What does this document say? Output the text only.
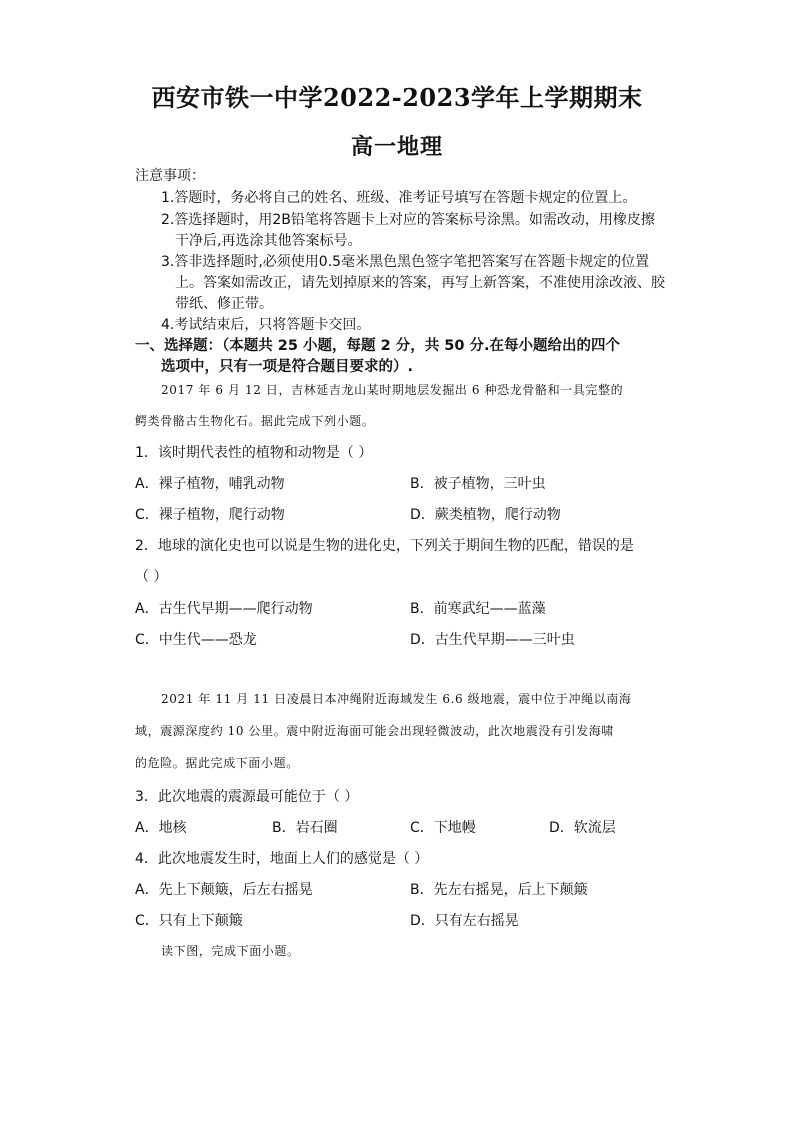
西安市铁一中学2022-2023学年上学期期末
高一地理
注意事项：
1.答题时，务必将自己的姓名、班级、准考证号填写在答题卡规定的位置上。
2.答选择题时，用2B铅笔将答题卡上对应的答案标号涂黑。如需改动，用橡皮擦
干净后,再选涂其他答案标号。
3.答非选择题时,必须使用0.5毫米黑色黑色签字笔把答案写在答题卡规定的位置
上。答案如需改正，请先划掉原来的答案，再写上新答案，不准使用涂改液、胶
带纸、修正带。
4.考试结束后，只将答题卡交回。
一、选择题：（本题共 25 小题，每题 2 分，共 50 分.在每小题给出的四个
选项中，只有一项是符合题目要求的）.
2017 年 6 月 12 日，吉林延吉龙山某时期地层发掘出 6 种恐龙骨骼和一具完整的
鳄类骨骼古生物化石。据此完成下列小题。
1．该时期代表性的植物和动物是（ ）
A．裸子植物，哺乳动物	B．被子植物，三叶虫
C．裸子植物，爬行动物	D．蕨类植物，爬行动物
2．地球的演化史也可以说是生物的进化史，下列关于期间生物的匹配，错误的是
（ ）
A．古生代早期——爬行动物	B．前寒武纪——蓝藻
C．中生代——恐龙	D．古生代早期——三叶虫
2021 年 11 月 11 日凌晨日本冲绳附近海域发生 6.6 级地震，震中位于冲绳以南海
域，震源深度约 10 公里。震中附近海面可能会出现轻微波动，此次地震没有引发海啸
的危险。据此完成下面小题。
3．此次地震的震源最可能位于（ ）
A．地核	B．岩石圈	C．下地幔	D．软流层
4．此次地震发生时，地面上人们的感觉是（ ）
A．先上下颠簸，后左右摇晃	B．先左右摇晃，后上下颠簸
C．只有上下颠簸	D．只有左右摇晃
读下图，完成下面小题。
